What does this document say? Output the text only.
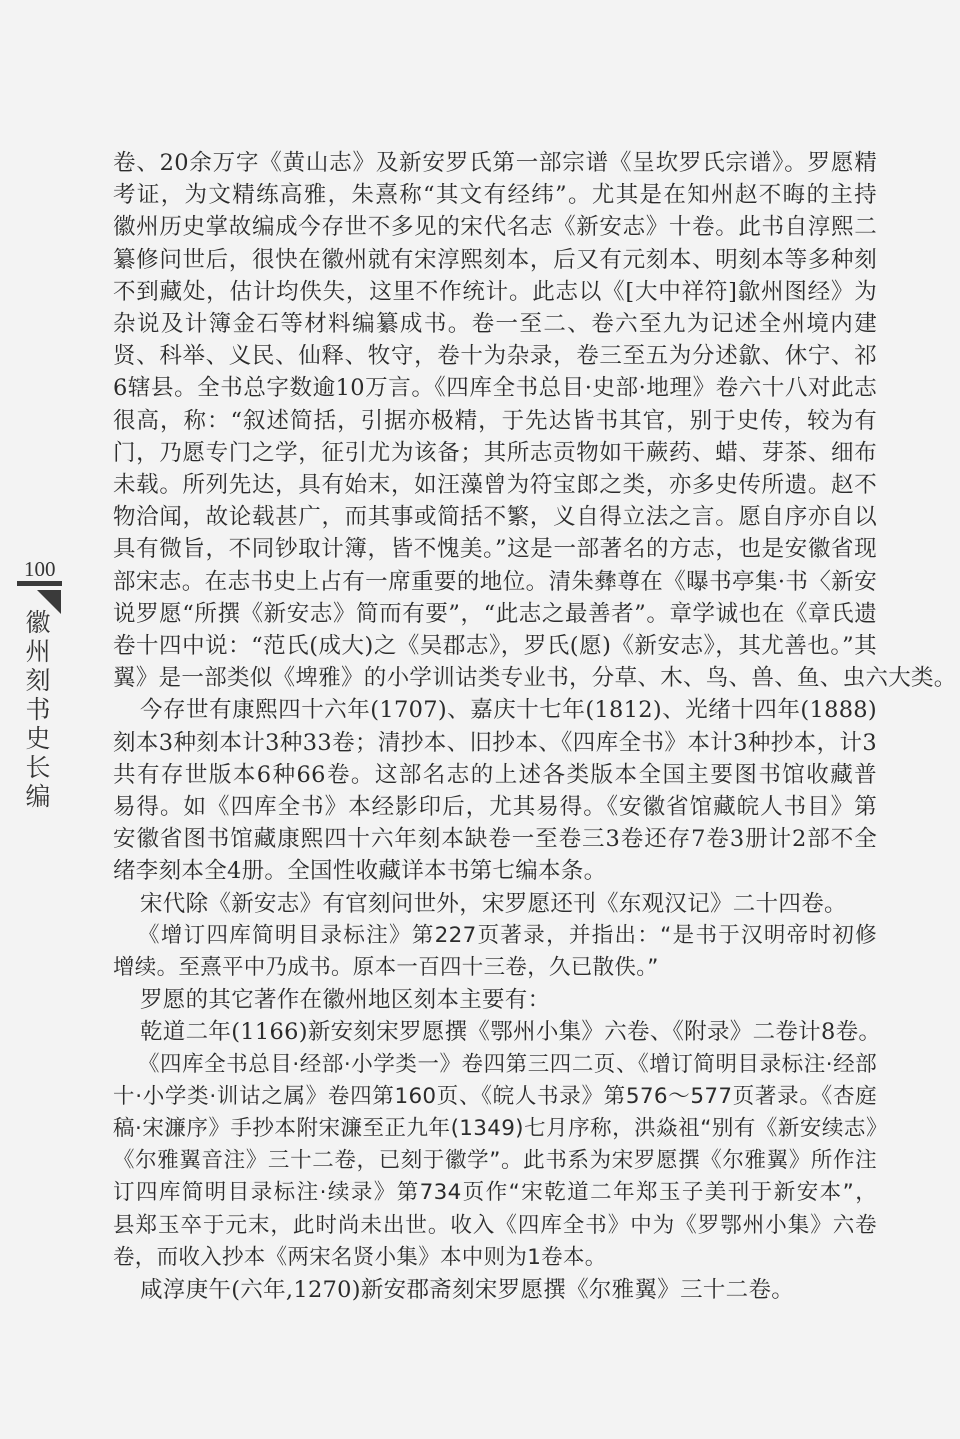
100
徽州刻书史长编
卷、20余万字《黄山志》及新安罗氏第一部宗谱《呈坎罗氏宗谱》。罗愿精
考证，为文精练高雅，朱熹称“其文有经纬”。尤其是在知州赵不晦的主持
徽州历史掌故编成今存世不多见的宋代名志《新安志》十卷。此书自淳熙二
纂修问世后，很快在徽州就有宋淳熙刻本，后又有元刻本、明刻本等多种刻
不到藏处，估计均佚失，这里不作统计。此志以《[大中祥符]歙州图经》为
杂说及计簿金石等材料编纂成书。卷一至二、卷六至九为记述全州境内建
贤、科举、义民、仙释、牧守，卷十为杂录，卷三至五为分述歙、休宁、祁
6辖县。全书总字数逾10万言。《四库全书总目·史部·地理》卷六十八对此志
很高，称：“叙述简括，引据亦极精，于先达皆书其官，别于史传，较为有
门，乃愿专门之学，征引尤为该备；其所志贡物如干蕨药、蜡、芽茶、细布
未载。所列先达，具有始末，如汪藻曾为符宝郎之类，亦多史传所遗。赵不
物洽闻，故论载甚广，而其事或简括不繁，义自得立法之言。愿自序亦自以
具有微旨，不同钞取计簿，皆不愧美。”这是一部著名的方志，也是安徽省现
部宋志。在志书史上占有一席重要的地位。清朱彝尊在《曝书亭集·书〈新安
说罗愿“所撰《新安志》简而有要”，“此志之最善者”。章学诚也在《章氏遗
卷十四中说：“范氏(成大)之《吴郡志》，罗氏(愿)《新安志》，其尤善也。”其
翼》是一部类似《埤雅》的小学训诂类专业书，分草、木、鸟、兽、鱼、虫六大类。
今存世有康熙四十六年(1707)、嘉庆十七年(1812)、光绪十四年(1888)
刻本3种刻本计3种33卷；清抄本、旧抄本、《四库全书》本计3种抄本，计3
共有存世版本6种66卷。这部名志的上述各类版本全国主要图书馆收藏普
易得。如《四库全书》本经影印后，尤其易得。《安徽省馆藏皖人书目》第
安徽省图书馆藏康熙四十六年刻本缺卷一至卷三3卷还存7卷3册计2部不全
绪李刻本全4册。全国性收藏详本书第七编本条。
宋代除《新安志》有官刻问世外，宋罗愿还刊《东观汉记》二十四卷。
《增订四库简明目录标注》第227页著录，并指出：“是书于汉明帝时初修
增续。至熹平中乃成书。原本一百四十三卷，久已散佚。”
罗愿的其它著作在徽州地区刻本主要有：
乾道二年(1166)新安刻宋罗愿撰《鄂州小集》六卷、《附录》二卷计8卷。
《四库全书总目·经部·小学类一》卷四第三四二页、《增订简明目录标注·经部
十·小学类·训诂之属》卷四第160页、《皖人书录》第576～577页著录。《杏庭
稿·宋濂序》手抄本附宋濂至正九年(1349)七月序称，洪焱祖“别有《新安续志》
《尔雅翼音注》三十二卷，已刻于徽学”。此书系为宋罗愿撰《尔雅翼》所作注
订四库简明目录标注·续录》第734页作“宋乾道二年郑玉子美刊于新安本”，
县郑玉卒于元末，此时尚未出世。收入《四库全书》中为《罗鄂州小集》六卷
卷，而收入抄本《两宋名贤小集》本中则为1卷本。
咸淳庚午(六年,1270)新安郡斋刻宋罗愿撰《尔雅翼》三十二卷。
